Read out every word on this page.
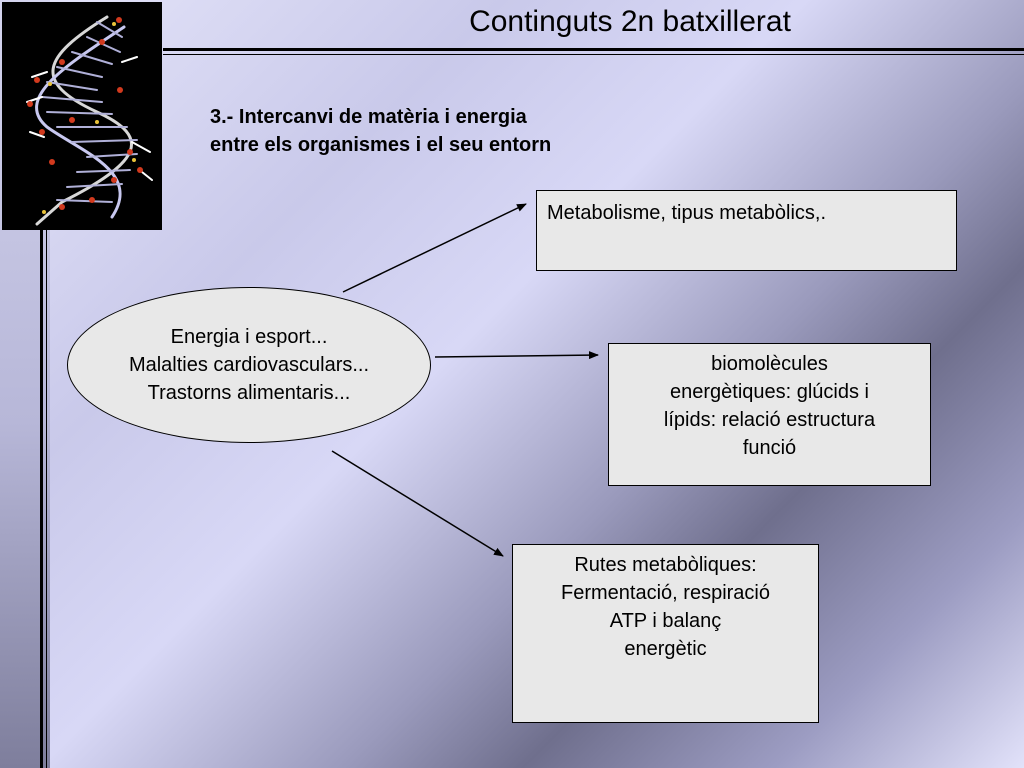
Continguts 2n batxillerat
3.- Intercanvi de matèria i energia
entre els organismes i el seu entorn
Energia i esport...
Malalties cardiovasculars...
Trastorns alimentaris...
Metabolisme, tipus metabòlics,.
biomolècules
energètiques: glúcids i
lípids: relació estructura
funció
Rutes metabòliques:
Fermentació, respiració
ATP i balanç
energètic
